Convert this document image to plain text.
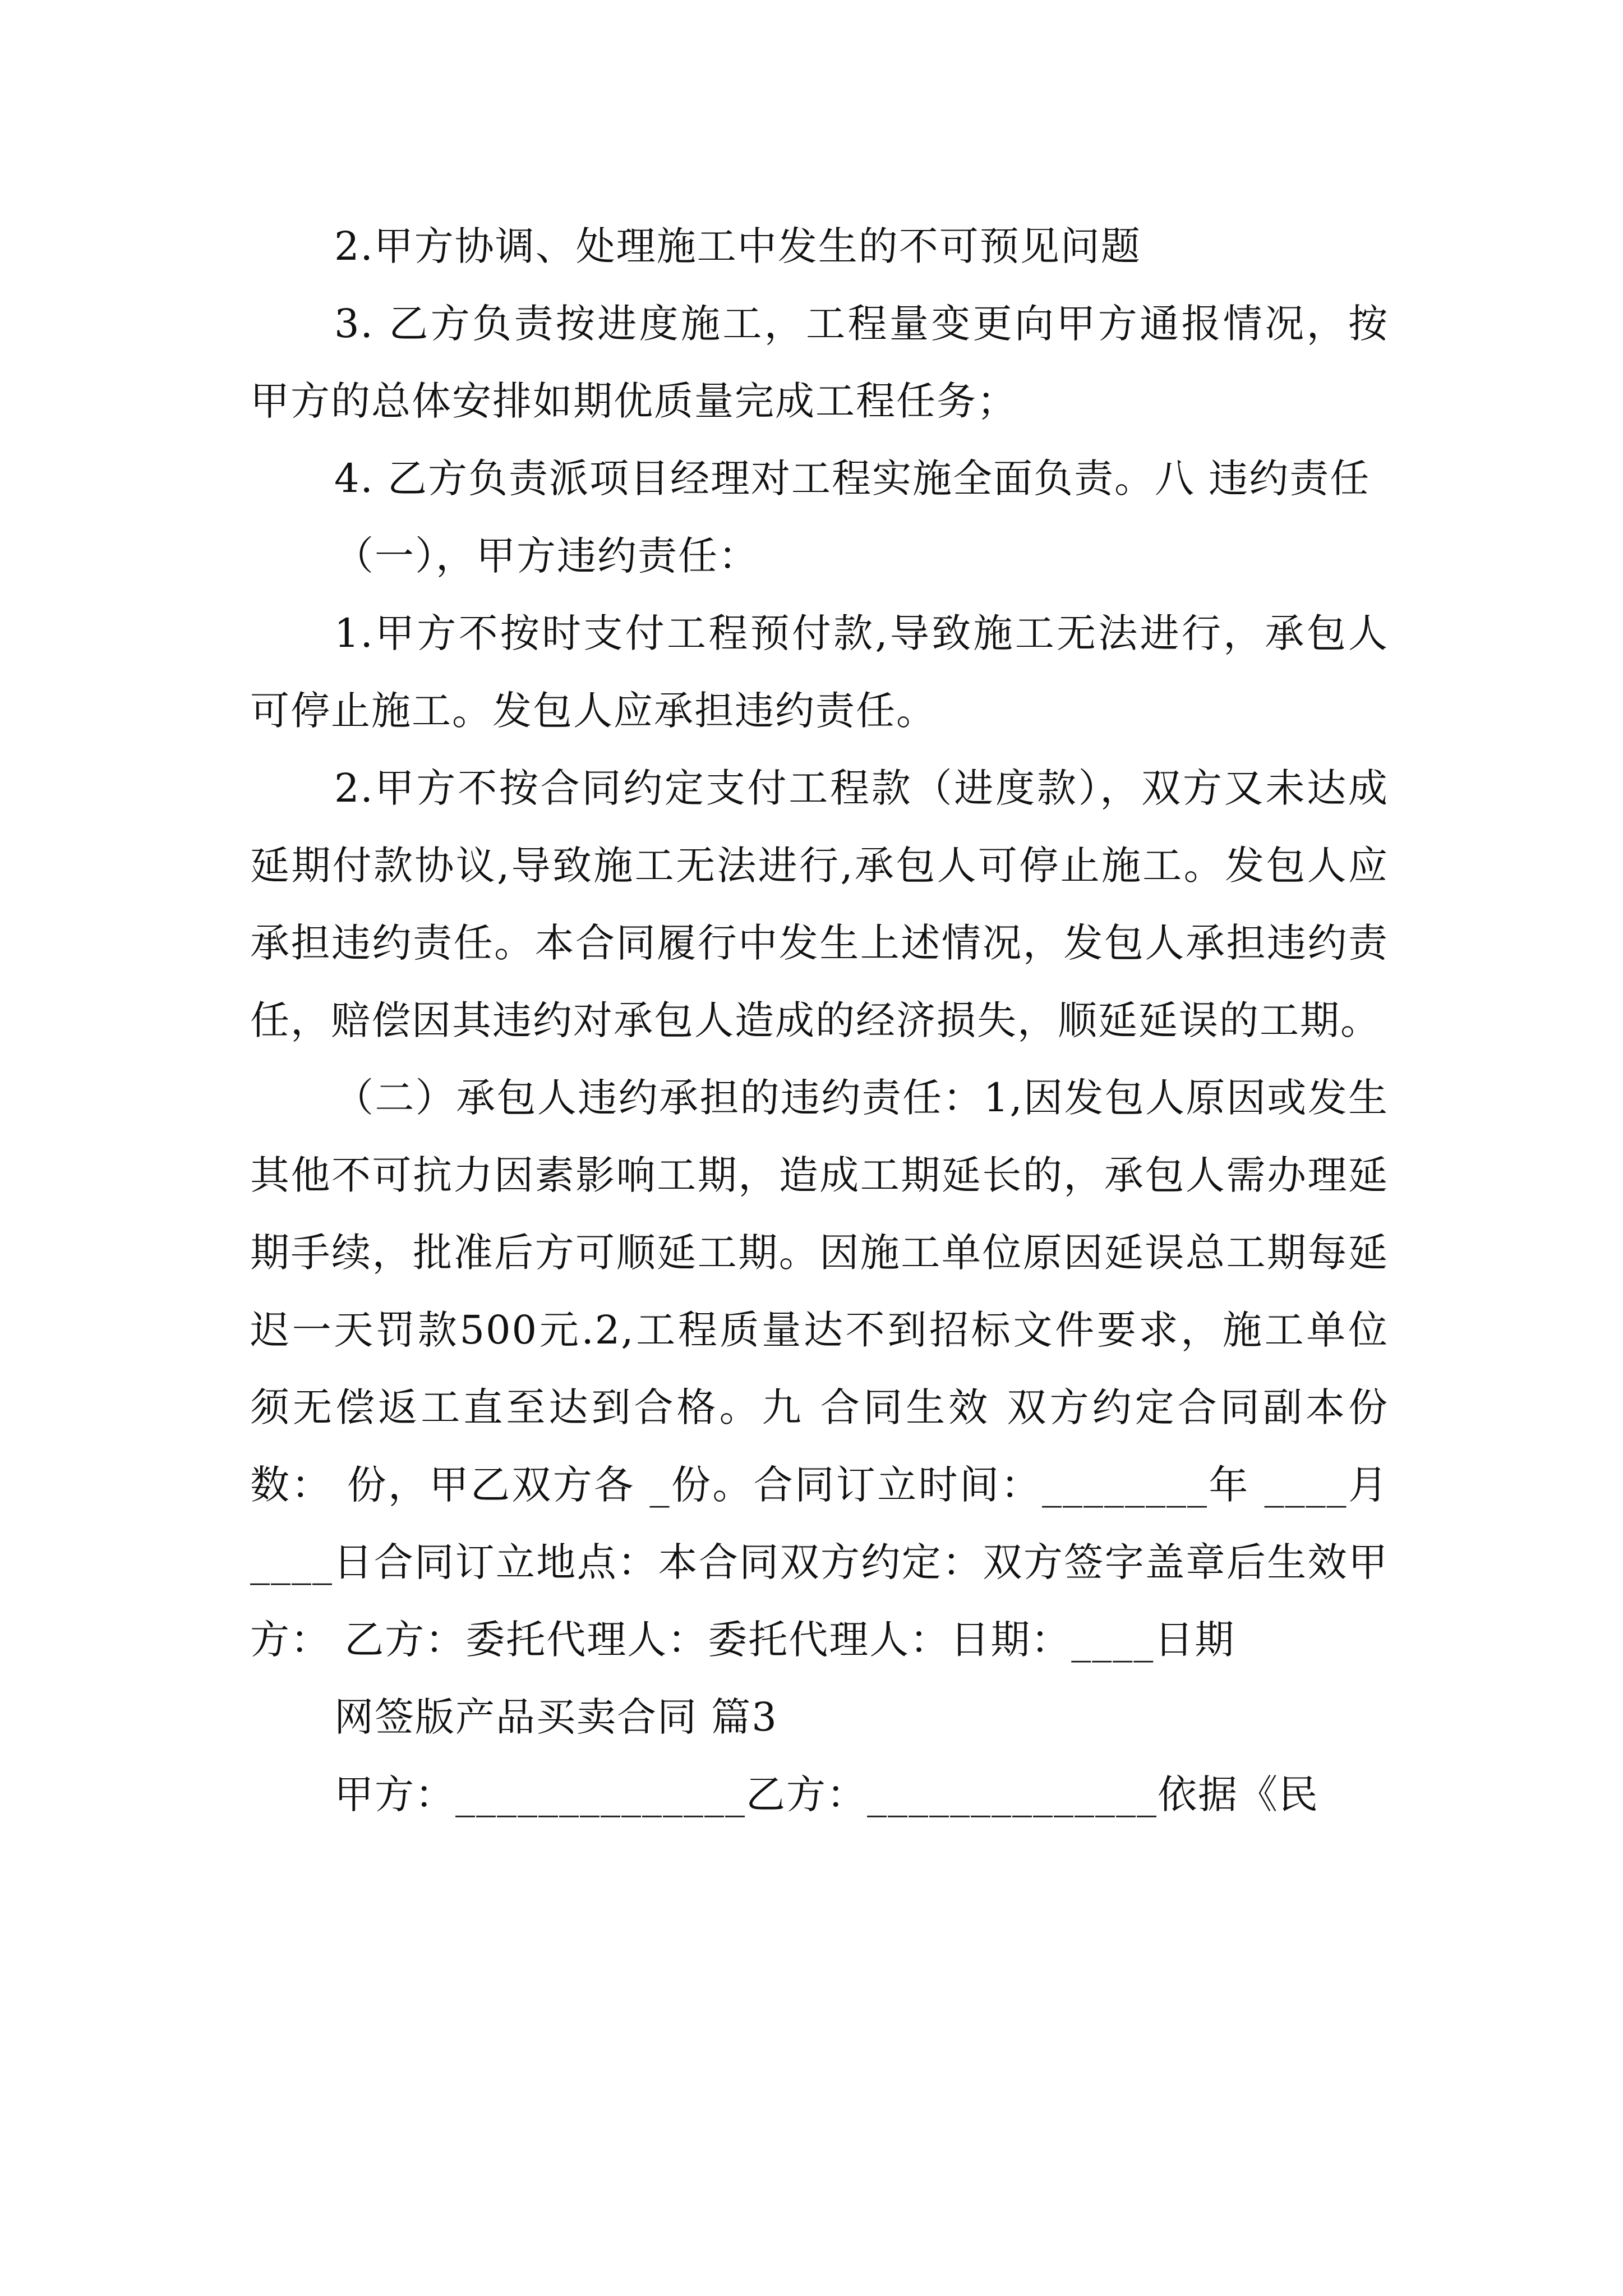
2.甲方协调、处理施工中发生的不可预见问题

3. 乙方负责按进度施工，工程量变更向甲方通报情况，按甲方的总体安排如期优质量完成工程任务；

4. 乙方负责派项目经理对工程实施全面负责。八 违约责任

（一），甲方违约责任：

1.甲方不按时支付工程预付款,导致施工无法进行，承包人可停止施工。发包人应承担违约责任。

2.甲方不按合同约定支付工程款（进度款），双方又未达成延期付款协议,导致施工无法进行,承包人可停止施工。发包人应承担违约责任。本合同履行中发生上述情况，发包人承担违约责任，赔偿因其违约对承包人造成的经济损失，顺延延误的工期。

（二）承包人违约承担的违约责任：1,因发包人原因或发生其他不可抗力因素影响工期，造成工期延长的，承包人需办理延期手续，批准后方可顺延工期。因施工单位原因延误总工期每延迟一天罚款500元.2,工程质量达不到招标文件要求，施工单位须无偿返工直至达到合格。九 合同生效 双方约定合同副本份数： 份，甲乙双方各 _份。合同订立时间：________年 ____月____日合同订立地点：本合同双方约定：双方签字盖章后生效甲方： 乙方：委托代理人：委托代理人：日期：____日期

网签版产品买卖合同 篇3

甲方：______________乙方：______________依据《民
